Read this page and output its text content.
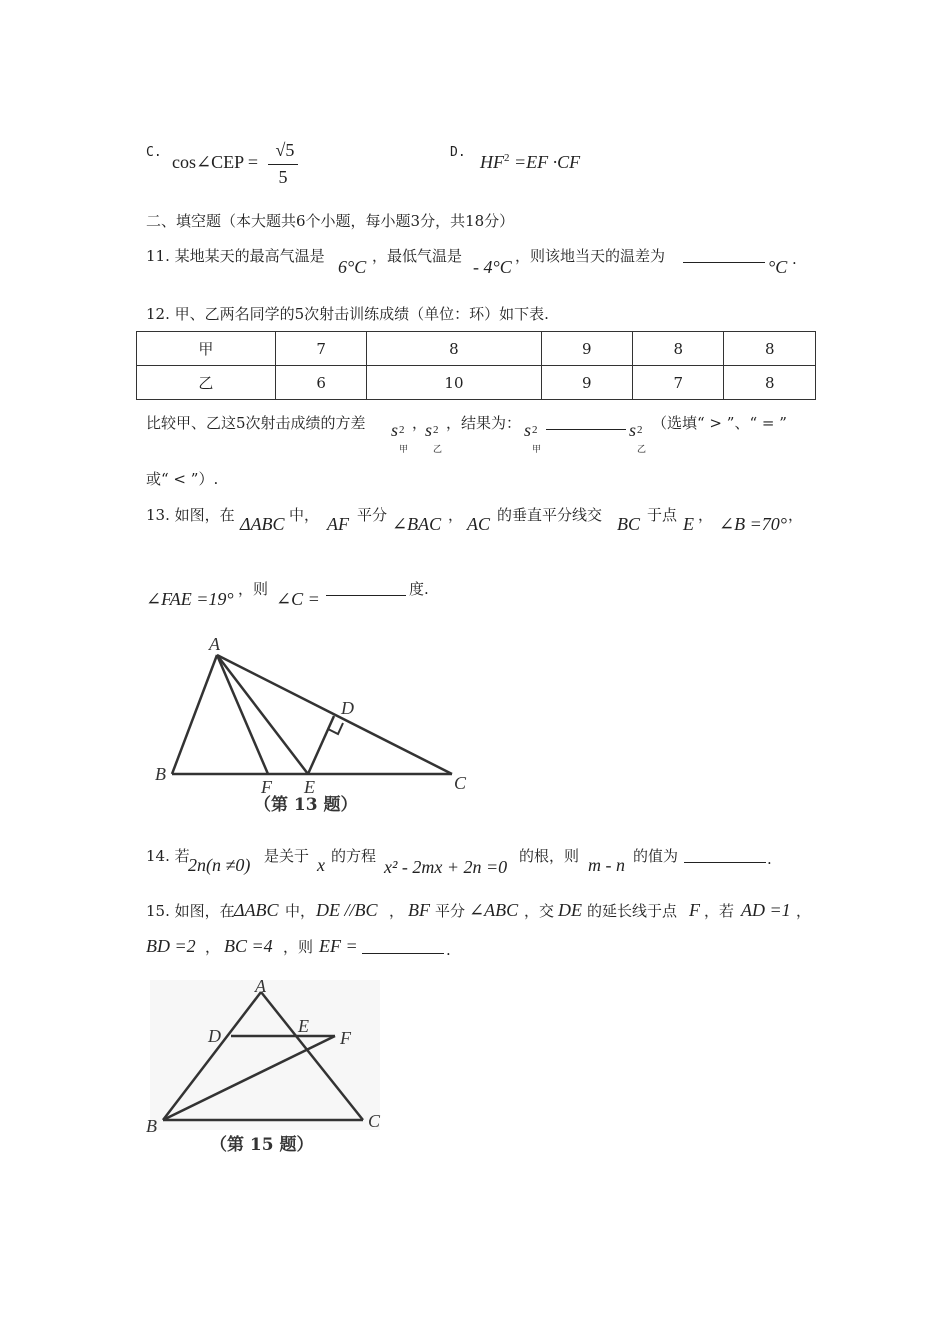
C. cos∠CEP =
√5
5
D. $HF^2 =EF \cdot CF$
二、填空题（本大题共6个小题，每小题3分，共18分）
11. 某地某天的最高气温是
6°C
，最低气温是
- 4°C
，则该地当天的温差为
°C .
12. 甲、乙两名同学的5次射击训练成绩（单位：环）如下表.
甲	7	8	9	8	8
乙	6	10	9	7	8
比较甲、乙这5次射击成绩的方差 s 2
甲
，
s 2
乙
，结果为： s 2
甲
s 2
乙
（选填“ > ”、“ = ”
或“ < ”）.
13. 如图，在 ΔABC 中， AF 平分 ∠BAC ， AC 的垂直平分线交 BC 于点 E ， ∠B =70° ，
∠FAE =19° ，则 ∠C =	度.
A
B	C
D
E
F
（第 13 题）
14. 若
2n(n ≠0) 是关于 x 的方程
x² - 2mx + 2n =0
的根，则 m - n 的值为	.
15. 如图，在 ΔABC 中， DE //BC ， BF 平分 ∠ABC ，交 DE 的延长线于点 F ，若 AD =1 ，
BD =2 ， BC =4 ，则 EF =	.
A
B	C
D	E
F
（第 15 题）
